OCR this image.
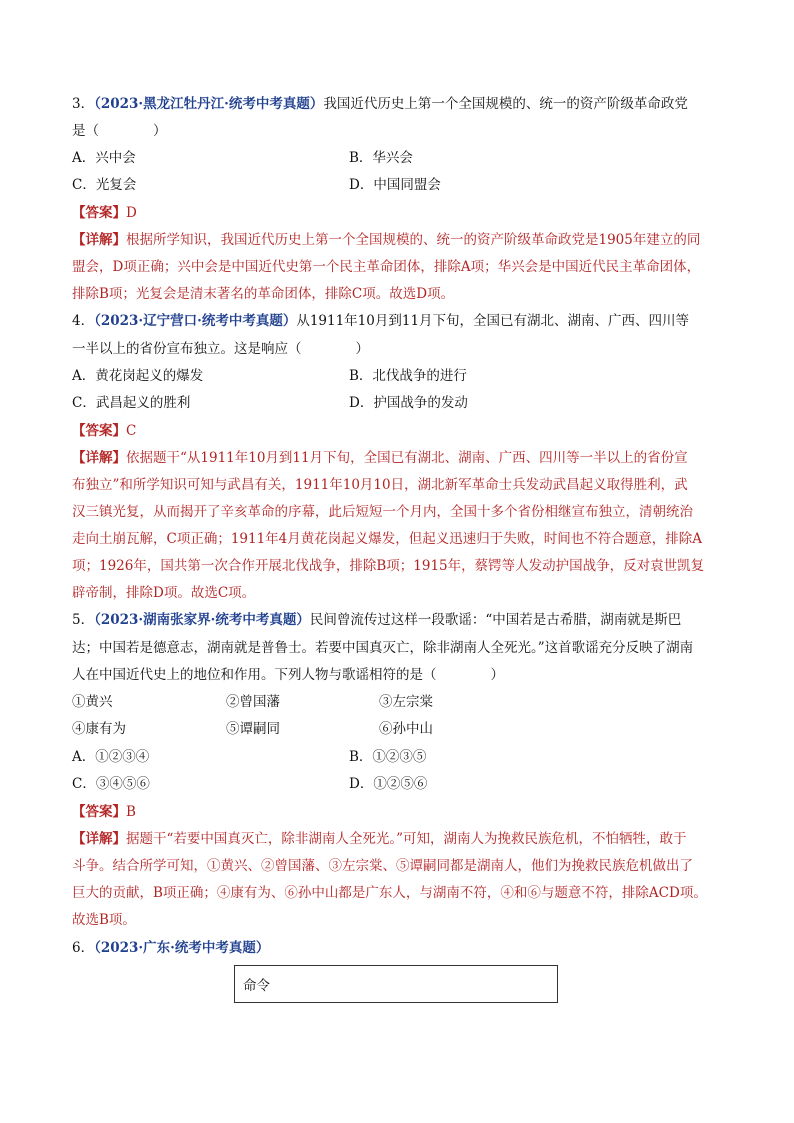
3．（2023·黑龙江牡丹江·统考中考真题）我国近代历史上第一个全国规模的、统一的资产阶级革命政党
是（　　　　）
A．兴中会	B．华兴会
C．光复会	D．中国同盟会
【答案】D
【详解】根据所学知识，我国近代历史上第一个全国规模的、统一的资产阶级革命政党是1905年建立的同
盟会，D项正确；兴中会是中国近代史第一个民主革命团体，排除A项；华兴会是中国近代民主革命团体，
排除B项；光复会是清末著名的革命团体，排除C项。故选D项。
4．（2023·辽宁营口·统考中考真题）从1911年10月到11月下旬，全国已有湖北、湖南、广西、四川等
一半以上的省份宣布独立。这是响应（　　　　）
A．黄花岗起义的爆发	B．北伐战争的进行
C．武昌起义的胜利	D．护国战争的发动
【答案】C
【详解】依据题干“从1911年10月到11月下旬，全国已有湖北、湖南、广西、四川等一半以上的省份宣
布独立”和所学知识可知与武昌有关，1911年10月10日，湖北新军革命士兵发动武昌起义取得胜利，武
汉三镇光复，从而揭开了辛亥革命的序幕，此后短短一个月内，全国十多个省份相继宣布独立，清朝统治
走向土崩瓦解，C项正确；1911年4月黄花岗起义爆发，但起义迅速归于失败，时间也不符合题意，排除A
项；1926年，国共第一次合作开展北伐战争，排除B项；1915年，蔡锷等人发动护国战争，反对袁世凯复
辟帝制，排除D项。故选C项。
5．（2023·湖南张家界·统考中考真题）民间曾流传过这样一段歌谣：“中国若是古希腊，湖南就是斯巴
达；中国若是德意志，湖南就是普鲁士。若要中国真灭亡，除非湖南人全死光。”这首歌谣充分反映了湖南
人在中国近代史上的地位和作用。下列人物与歌谣相符的是（　　　　）
①黄兴	②曾国藩	③左宗棠
④康有为	⑤谭嗣同	⑥孙中山
A．①②③④	B．①②③⑤
C．③④⑤⑥	D．①②⑤⑥
【答案】B
【详解】据题干“若要中国真灭亡，除非湖南人全死光。”可知，湖南人为挽救民族危机，不怕牺牲，敢于
斗争。结合所学可知，①黄兴、②曾国藩、③左宗棠、⑤谭嗣同都是湖南人，他们为挽救民族危机做出了
巨大的贡献，B项正确；④康有为、⑥孙中山都是广东人，与湖南不符，④和⑥与题意不符，排除ACD项。
故选B项。
6．（2023·广东·统考中考真题）
命令
